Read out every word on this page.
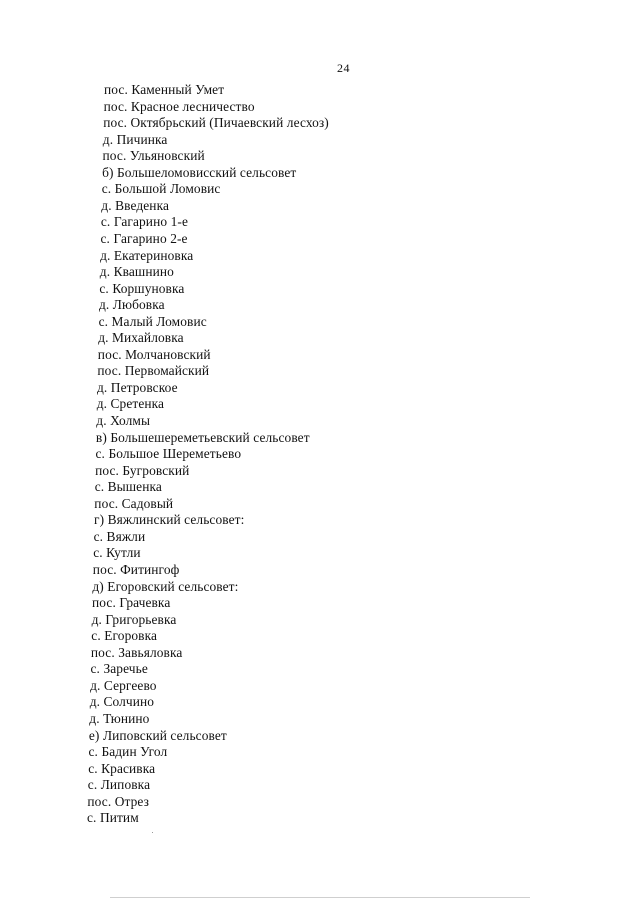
24
пос. Каменный Умет
пос. Красное лесничество
пос. Октябрьский (Пичаевский лесхоз)
д. Пичинка
пос. Ульяновский
б) Большеломовисский сельсовет
с. Большой Ломовис
д. Введенка
с. Гагарино 1-е
с. Гагарино 2-е
д. Екатериновка
д. Квашнино
с. Коршуновка
д. Любовка
с. Малый Ломовис
д. Михайловка
пос. Молчановский
пос. Первомайский
д. Петровское
д. Сретенка
д. Холмы
в) Большешереметьевский сельсовет
с. Большое Шереметьево
пос. Бугровский
с. Вышенка
пос. Садовый
г) Вяжлинский сельсовет:
с. Вяжли
с. Кутли
пос. Фитингоф
д) Егоровский сельсовет:
пос. Грачевка
д. Григорьевка
с. Егоровка
пос. Завьяловка
с. Заречье
д. Сергеево
д. Солчино
д. Тюнино
е) Липовский сельсовет
с. Бадин Угол
с. Красивка
с. Липовка
пос. Отрез
с. Питим
